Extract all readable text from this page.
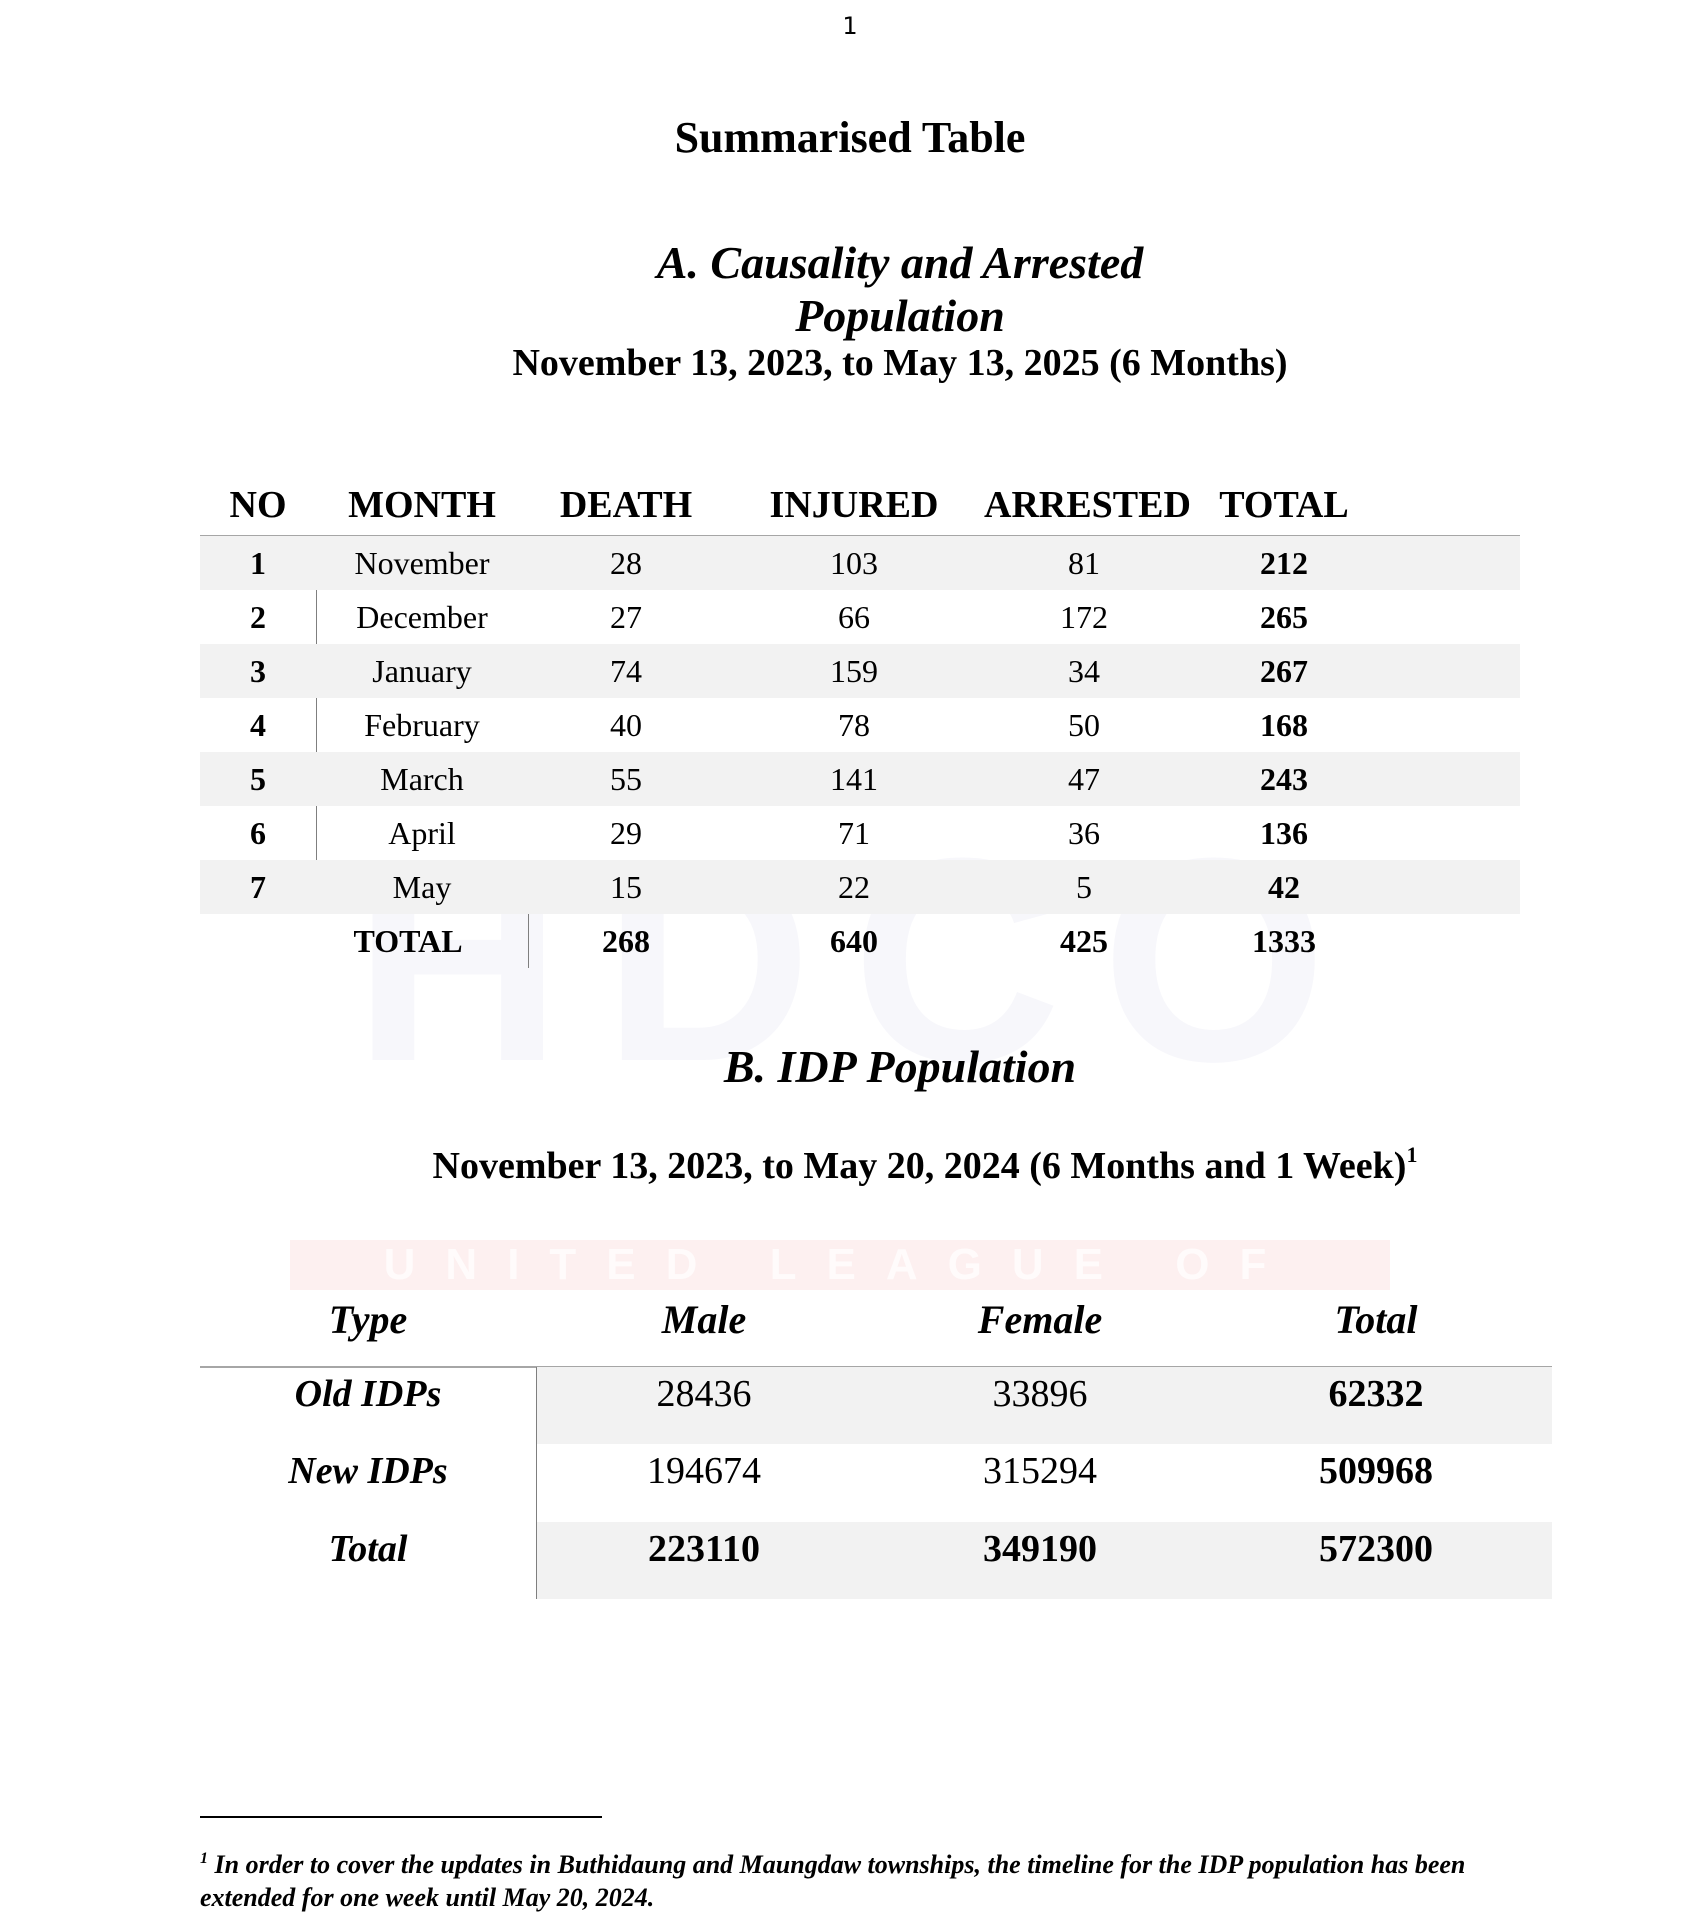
UNITED LEAGUE OF
1
Summarised Table
A. Causality and Arrested Population
November 13, 2023, to May 13, 2025 (6 Months)
NO	MONTH	DEATH	INJURED	ARRESTED TOTAL
1	November	28	103	81	212
2	December	27	66	172	265
3	January	74	159	34	267
4	February	40	78	50	168
5	March	55	141	47	243
6	April	29	71	36	136
7	May	15	22	5	42
TOTAL	268	640	425	1333
B. IDP Population
November 13, 2023, to May 20, 2024 (6 Months and 1 Week)$^1$
Type	Male	Female	Total
Old IDPs	28436	33896	62332
New IDPs	194674	315294	509968
Total	223110	349190	572300
$^1$ In order to cover the updates in Buthidaung and Maungdaw townships, the timeline for the IDP population has been extended for one week until May 20, 2024.
